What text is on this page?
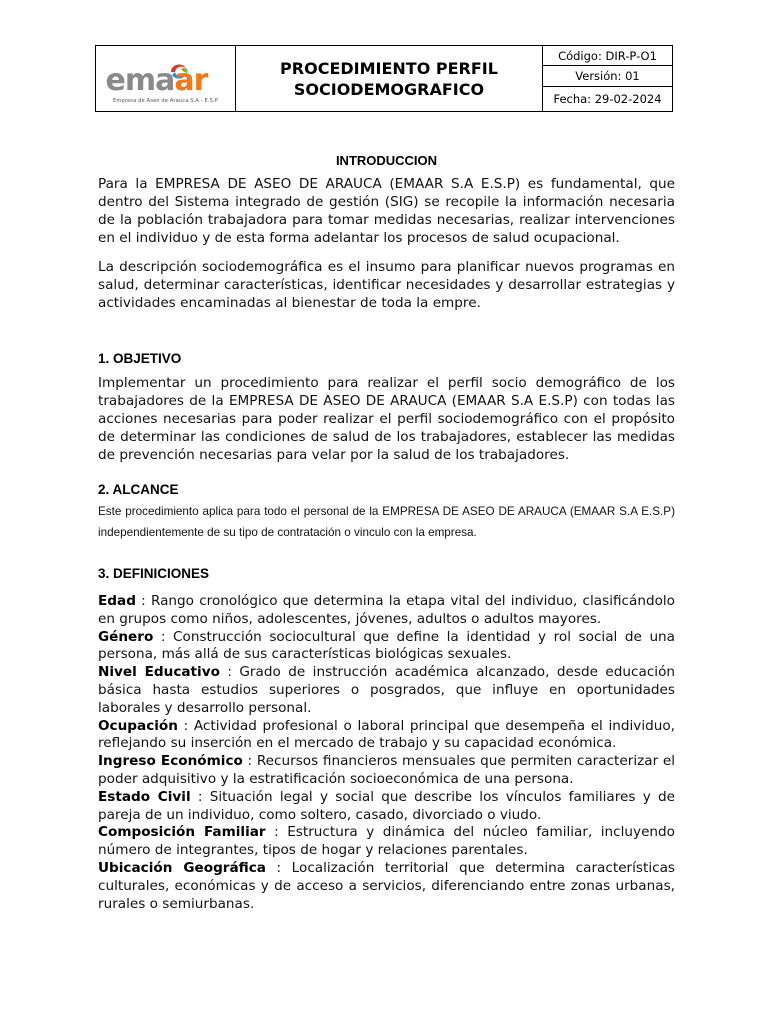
emaar
Empresa de Aseo de Arauca S.A - E.S.P
PROCEDIMIENTO PERFIL
SOCIODEMOGRAFICO
Código: DIR-P-O1
Versión: 01
Fecha: 29-02-2024
INTRODUCCION

Para la EMPRESA DE ASEO DE ARAUCA (EMAAR S.A E.S.P) es fundamental, que dentro del Sistema integrado de gestión (SIG) se recopile la información necesaria de la población trabajadora para tomar medidas necesarias, realizar intervenciones en el individuo y de esta forma adelantar los procesos de salud ocupacional.

La descripción sociodemográfica es el insumo para planificar nuevos programas en salud, determinar características, identificar necesidades y desarrollar estrategias y actividades encaminadas al bienestar de toda la empre.

1. OBJETIVO

Implementar un procedimiento para realizar el perfil socio demográfico de los trabajadores de la EMPRESA DE ASEO DE ARAUCA (EMAAR S.A E.S.P) con todas las acciones necesarias para poder realizar el perfil sociodemográfico con el propósito de determinar las condiciones de salud de los trabajadores, establecer las medidas de prevención necesarias para velar por la salud de los trabajadores.

2. ALCANCE

Este procedimiento aplica para todo el personal de la EMPRESA DE ASEO DE ARAUCA (EMAAR S.A E.S.P) independientemente de su tipo de contratación o vinculo con la empresa.

3. DEFINICIONES

Edad : Rango cronológico que determina la etapa vital del individuo, clasificándolo en grupos como niños, adolescentes, jóvenes, adultos o adultos mayores.

Género : Construcción sociocultural que define la identidad y rol social de una persona, más allá de sus características biológicas sexuales.

Nivel Educativo : Grado de instrucción académica alcanzado, desde educación básica hasta estudios superiores o posgrados, que influye en oportunidades laborales y desarrollo personal.

Ocupación : Actividad profesional o laboral principal que desempeña el individuo, reflejando su inserción en el mercado de trabajo y su capacidad económica.

Ingreso Económico : Recursos financieros mensuales que permiten caracterizar el poder adquisitivo y la estratificación socioeconómica de una persona.

Estado Civil : Situación legal y social que describe los vínculos familiares y de pareja de un individuo, como soltero, casado, divorciado o viudo.

Composición Familiar : Estructura y dinámica del núcleo familiar, incluyendo número de integrantes, tipos de hogar y relaciones parentales.

Ubicación Geográfica : Localización territorial que determina características culturales, económicas y de acceso a servicios, diferenciando entre zonas urbanas, rurales o semiurbanas.
